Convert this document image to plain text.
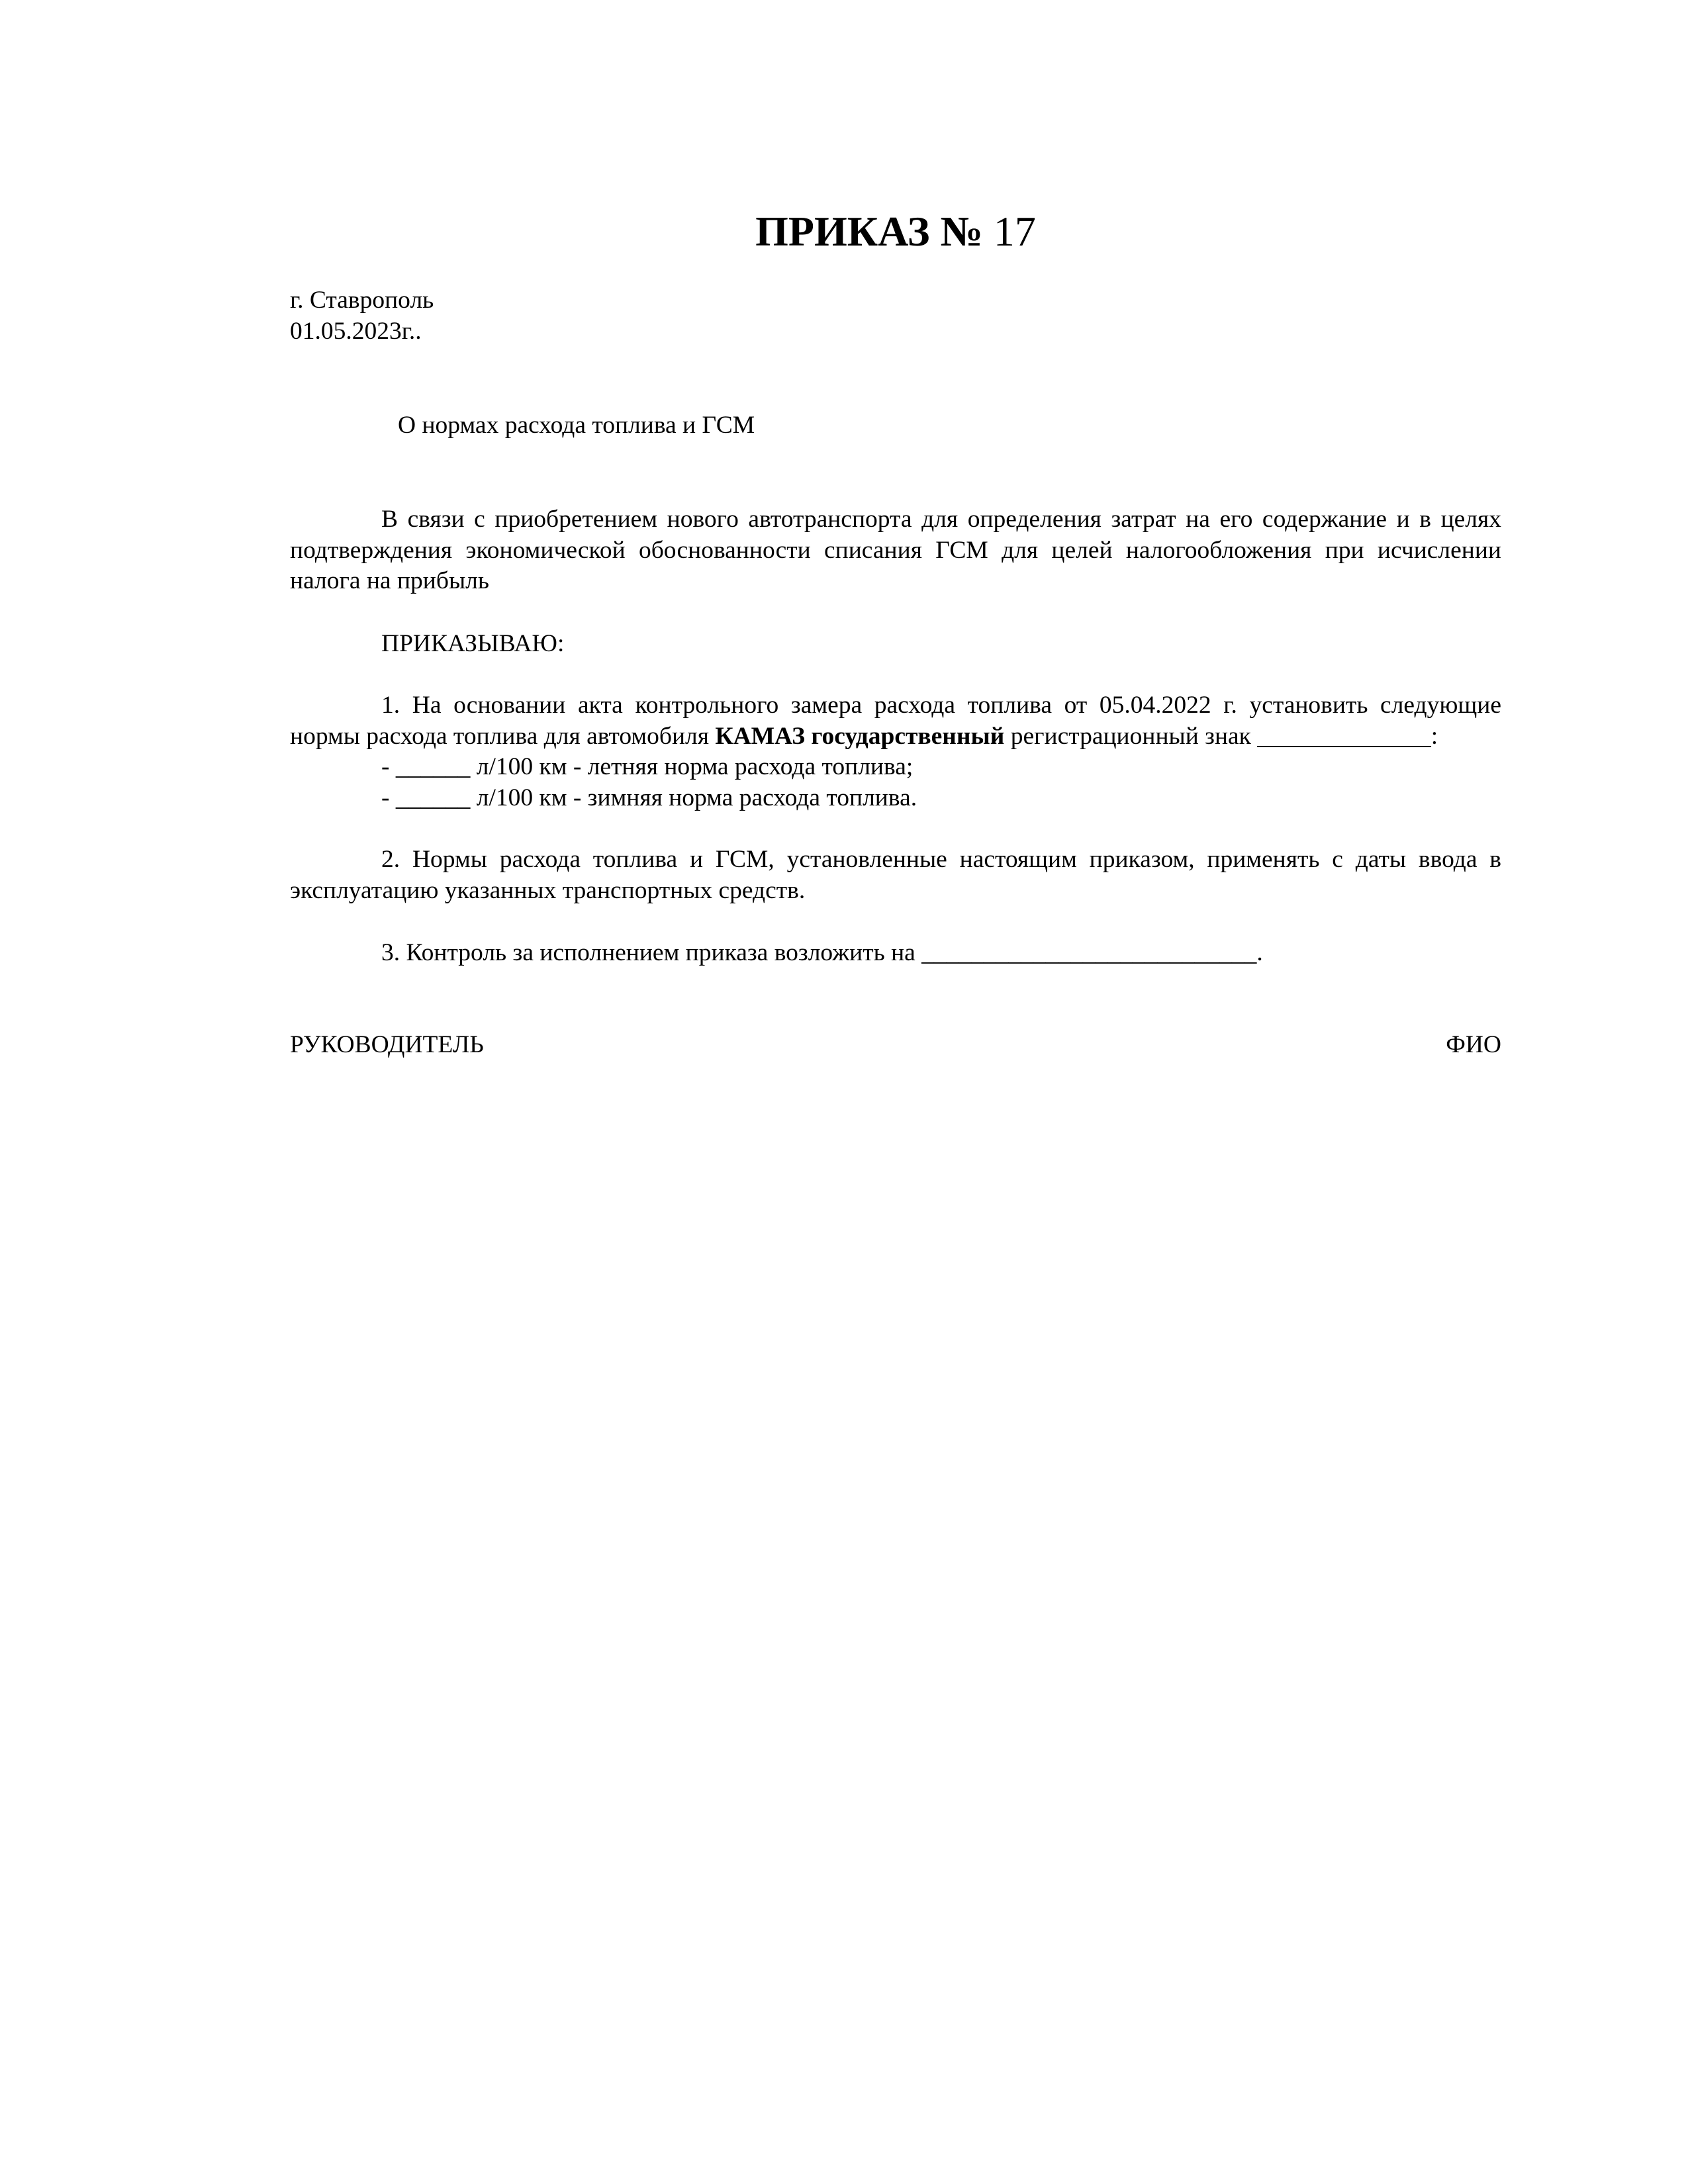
ПРИКАЗ № 17
г. Ставрополь
01.05.2023г..
О нормах расхода топлива и ГСМ
В связи с приобретением нового автотранспорта для определения затрат на его содержание и в целях подтверждения экономической обоснованности списания ГСМ для целей налогообложения при исчислении налога на прибыль
ПРИКАЗЫВАЮ:
1. На основании акта контрольного замера расхода топлива от 05.04.2022 г. установить следующие нормы расхода топлива для автомобиля КАМАЗ государственный регистрационный знак ______________:
- ______ л/100 км - летняя норма расхода топлива;
- ______ л/100 км - зимняя норма расхода топлива.
2. Нормы расхода топлива и ГСМ, установленные настоящим приказом, применять с даты ввода в эксплуатацию указанных транспортных средств.
3. Контроль за исполнением приказа возложить на ___________________________.
РУКОВОДИТЕЛЬ	ФИО
